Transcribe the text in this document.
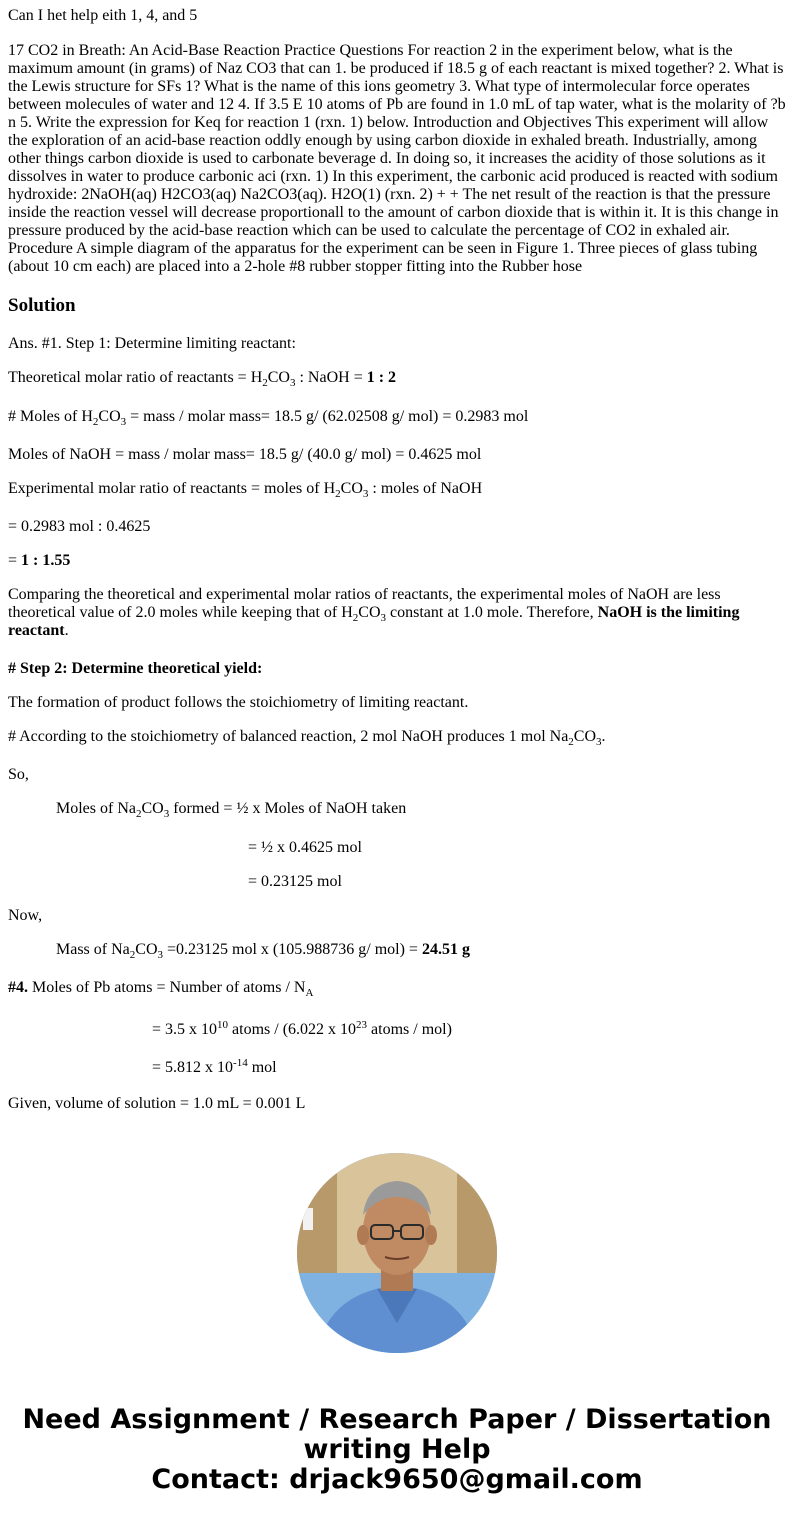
Can I het help eith 1, 4, and 5

17 CO2 in Breath: An Acid-Base Reaction Practice Questions For reaction 2 in the experiment below, what is the maximum amount (in grams) of Naz CO3 that can 1. be produced if 18.5 g of each reactant is mixed together? 2. What is the Lewis structure for SFs 1? What is the name of this ions geometry 3. What type of intermolecular force operates between molecules of water and 12 4. If 3.5 E 10 atoms of Pb are found in 1.0 mL of tap water, what is the molarity of ?b n 5. Write the expression for Keq for reaction 1 (rxn. 1) below. Introduction and Objectives This experiment will allow the exploration of an acid-base reaction oddly enough by using carbon dioxide in exhaled breath. Industrially, among other things carbon dioxide is used to carbonate beverage d. In doing so, it increases the acidity of those solutions as it dissolves in water to produce carbonic aci (rxn. 1) In this experiment, the carbonic acid produced is reacted with sodium hydroxide: 2NaOH(aq) H2CO3(aq) Na2CO3(aq). H2O(1) (rxn. 2) + + The net result of the reaction is that the pressure inside the reaction vessel will decrease proportionall to the amount of carbon dioxide that is within it. It is this change in pressure produced by the acid-base reaction which can be used to calculate the percentage of CO2 in exhaled air. Procedure A simple diagram of the apparatus for the experiment can be seen in Figure 1. Three pieces of glass tubing (about 10 cm each) are placed into a 2-hole #8 rubber stopper fitting into the Rubber hose

Solution

Ans. #1. Step 1: Determine limiting reactant:

Theoretical molar ratio of reactants = $H_2CO_3$ : NaOH = 1 : 2

# Moles of $H_2CO_3$ = mass / molar mass= 18.5 g/ (62.02508 g/ mol) = 0.2983 mol

Moles of NaOH = mass / molar mass= 18.5 g/ (40.0 g/ mol) = 0.4625 mol

Experimental molar ratio of reactants = moles of $H_2CO_3$ : moles of NaOH

= 0.2983 mol : 0.4625

= 1 : 1.55

Comparing the theoretical and experimental molar ratios of reactants, the experimental moles of NaOH are less theoretical value of 2.0 moles while keeping that of $H_2CO_3$ constant at 1.0 mole. Therefore, NaOH is the limiting reactant.

# Step 2: Determine theoretical yield:

The formation of product follows the stoichiometry of limiting reactant.

# According to the stoichiometry of balanced reaction, 2 mol NaOH produces 1 mol $Na_2CO_3$.

So,

Moles of $Na_2CO_3$ formed = ½ x Moles of NaOH taken

= ½ x 0.4625 mol

= 0.23125 mol

Now,

Mass of $Na_2CO_3 =0.23125$ mol x (105.988736 g/ mol) = 24.51 g

#4. Moles of Pb atoms = Number of atoms / $N_A$

= 3.5 x $10^{10}$ atoms / (6.022 x $10^{23}$ atoms / mol)

= 5.812 x $10^{-14}$ mol

Given, volume of solution = 1.0 mL = 0.001 L

Need Assignment / Research Paper / Dissertation
writing Help
Contact: drjack9650@gmail.com
